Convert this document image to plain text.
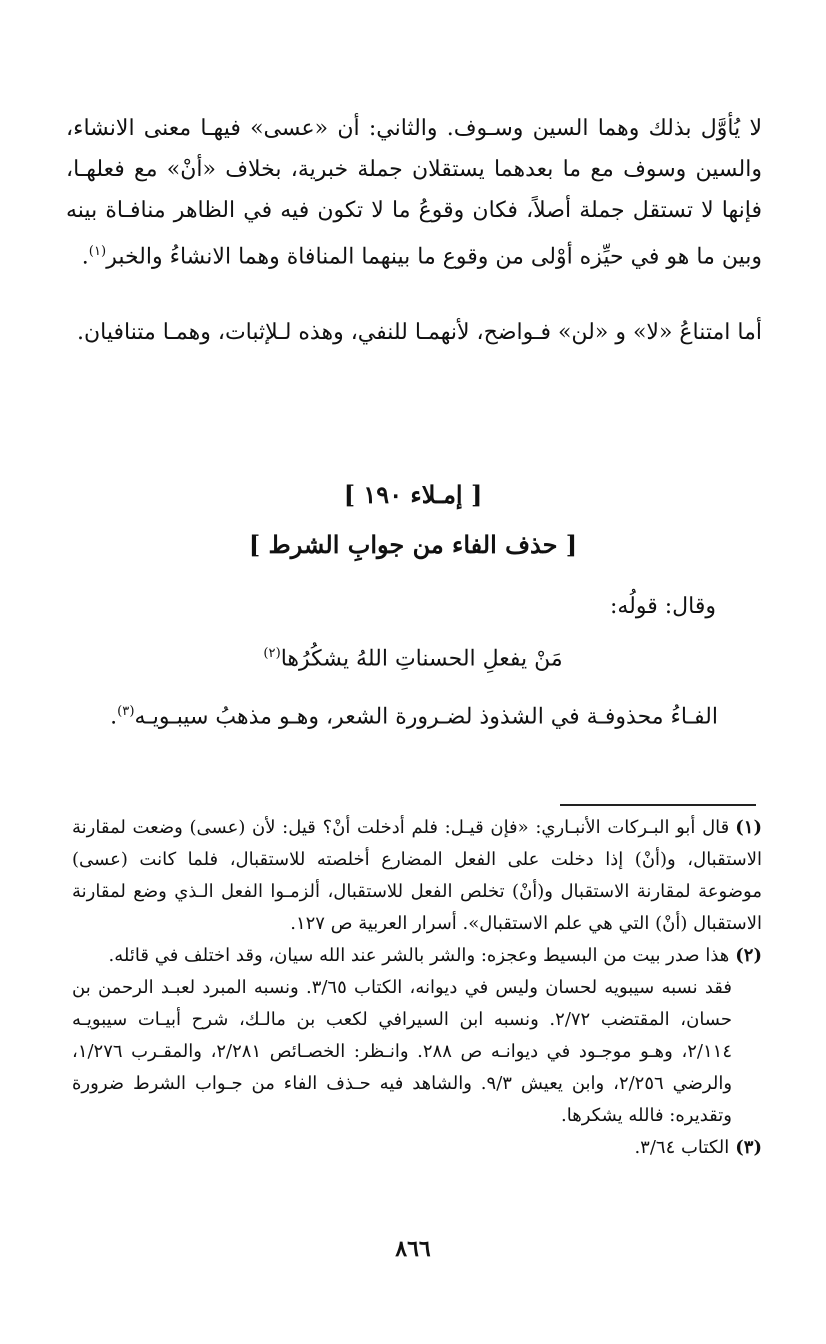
لا يُأوَّل بذلك وهما السين وسـوف. والثاني: أن «عسى» فيهـا معنى الانشاء، والسين وسوف مع ما بعدهما يستقلان جملة خبرية، بخلاف «أنْ» مع فعلهـا، فإنها لا تستقل جملة أصلاً، فكان وقوعُ ما لا تكون فيه في الظاهر منافـاة بينه وبين ما هو في حيِّزه أوْلى من وقوع ما بينهما المنافاة وهما الانشاءُ والخبر$^{(١)}$.

أما امتناعُ «لا» و «لن» فـواضح، لأنهمـا للنفي، وهذه لـلإثبات، وهمـا متنافيان.

[ إمـلاء ١٩٠ ]
[ حذف الفاء من جوابِ الشرط ]
وقال: قولُه:
مَنْ يفعلِ الحسناتِ اللهُ يشكُرُها$^{(٢)}$
الفـاءُ محذوفـة في الشذوذ لضـرورة الشعر، وهـو مذهبُ سيبـويـه$^{(٣)}$.

(١)قال أبو البـركات الأنبـاري: «فإن قيـل: فلم أدخلت أنْ؟ قيل: لأن (عسى) وضعت لمقارنة الاستقبال، و(أنْ) إذا دخلت على الفعل المضارع أخلصته للاستقبال، فلما كانت (عسى) موضوعة لمقارنة الاستقبال و(أنْ) تخلص الفعل للاستقبال، ألزمـوا الفعل الـذي وضع لمقارنة الاستقبال (أنْ) التي هي علم الاستقبال». أسرار العربية ص ١٢٧.

(٢)هذا صدر بيت من البسيط وعجزه: والشر بالشر عند الله سيان، وقد اختلف في قائله.

فقد نسبه سيبويه لحسان وليس في ديوانه، الكتاب ٣/٦٥. ونسبه المبرد لعبـد الرحمن بن حسان، المقتضب ٢/٧٢. ونسبه ابن السيرافي لكعب بن مالـك، شرح أبيـات سيبويـه ٢/١١٤، وهـو موجـود في ديوانـه ص ٢٨٨. وانـظر: الخصـائص ٢/٢٨١، والمقـرب ١/٢٧٦، والرضي ٢/٢٥٦، وابن يعيش ٩/٣. والشاهد فيه حـذف الفاء من جـواب الشرط ضرورة وتقديره: فالله يشكرها.

(٣)الكتاب ٣/٦٤.

٨٦٦
